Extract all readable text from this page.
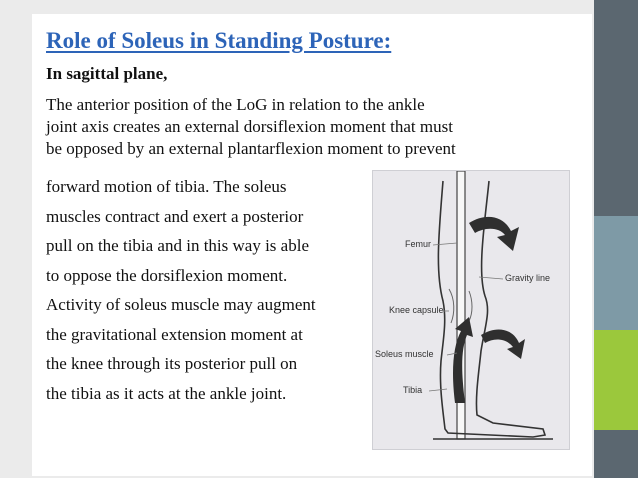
Role of Soleus in Standing Posture:
In sagittal plane,
The anterior position of the LoG in relation to the ankle
joint axis creates an external dorsiflexion moment that must
be opposed by an external plantarflexion moment to prevent
forward motion of tibia. The soleus
muscles contract and exert a posterior
pull on the tibia and in this way is able
to oppose the dorsiflexion moment.
Activity of soleus muscle may augment
the gravitational extension moment at
the knee through its posterior pull on
the tibia as it acts at the ankle joint.
Femur
Gravity line
Knee capsule
Soleus muscle
Tibia
